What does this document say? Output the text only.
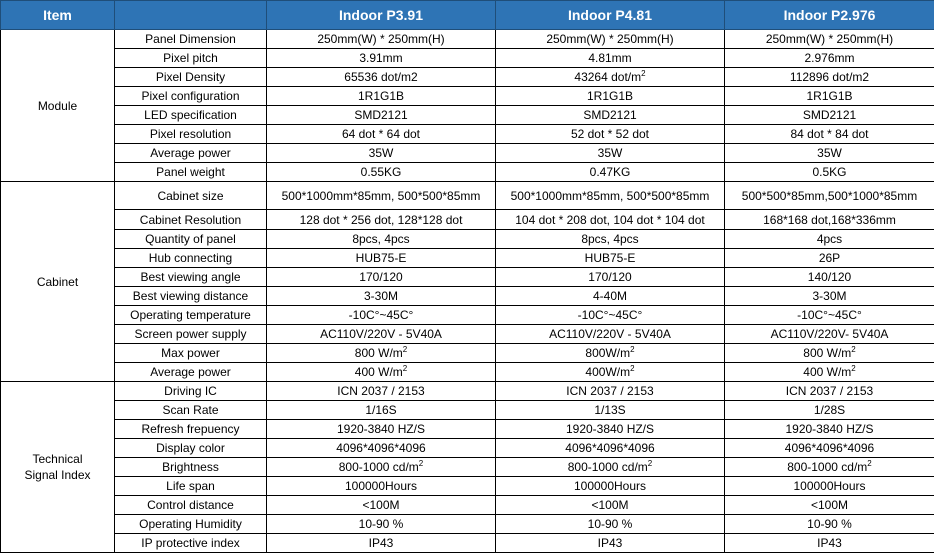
Item		Indoor P3.91	Indoor P4.81	Indoor P2.976
Module	Panel Dimension	250mm(W) * 250mm(H)	250mm(W) * 250mm(H)	250mm(W) * 250mm(H)
	Pixel pitch	3.91mm	4.81mm	2.976mm
	Pixel Density	65536 dot/m2	43264 dot/$m^2$	112896 dot/m2
	Pixel configuration	1R1G1B	1R1G1B	1R1G1B
	LED specification	SMD2121	SMD2121	SMD2121
	Pixel resolution	64 dot * 64 dot	52 dot * 52 dot	84 dot * 84 dot
	Average power	35W	35W	35W
	Panel weight	0.55KG	0.47KG	0.5KG
Cabinet	Cabinet size	500*1000mm*85mm, 500*500*85mm	500*1000mm*85mm, 500*500*85mm	500*500*85mm,500*1000*85mm
	Cabinet Resolution	128 dot * 256 dot, 128*128 dot	104 dot * 208 dot, 104 dot * 104 dot	168*168 dot,168*336mm
	Quantity of panel	8pcs, 4pcs	8pcs, 4pcs	4pcs
	Hub connecting	HUB75-E	HUB75-E	26P
	Best viewing angle	170/120	170/120	140/120
	Best viewing distance	3-30M	4-40M	3-30M
	Operating temperature	-10C°~45C°	-10C°~45C°	-10C°~45C°
	Screen power supply	AC110V/220V - 5V40A	AC110V/220V - 5V40A	AC110V/220V- 5V40A
	Max power	800 $W/m^2$	$800W/m^2$	800 $W/m^2$
	Average power	400 $W/m^2$	$400W/m^2$	400 $W/m^2$
Technical
Signal Index	Driving IC	ICN 2037 / 2153	ICN 2037 / 2153	ICN 2037 / 2153
	Scan Rate	1/16S	1/13S	1/28S
	Refresh frepuency	1920-3840 HZ/S	1920-3840 HZ/S	1920-3840 HZ/S
	Display color	4096*4096*4096	4096*4096*4096	4096*4096*4096
	Brightness	800-1000 $cd/m^2$	800-1000 $cd/m^2$	800-1000 $cd/m^2$
	Life span	100000Hours	100000Hours	100000Hours
	Control distance	<100M	<100M	<100M
	Operating Humidity	10-90 %	10-90 %	10-90 %
	IP protective index	IP43	IP43	IP43
